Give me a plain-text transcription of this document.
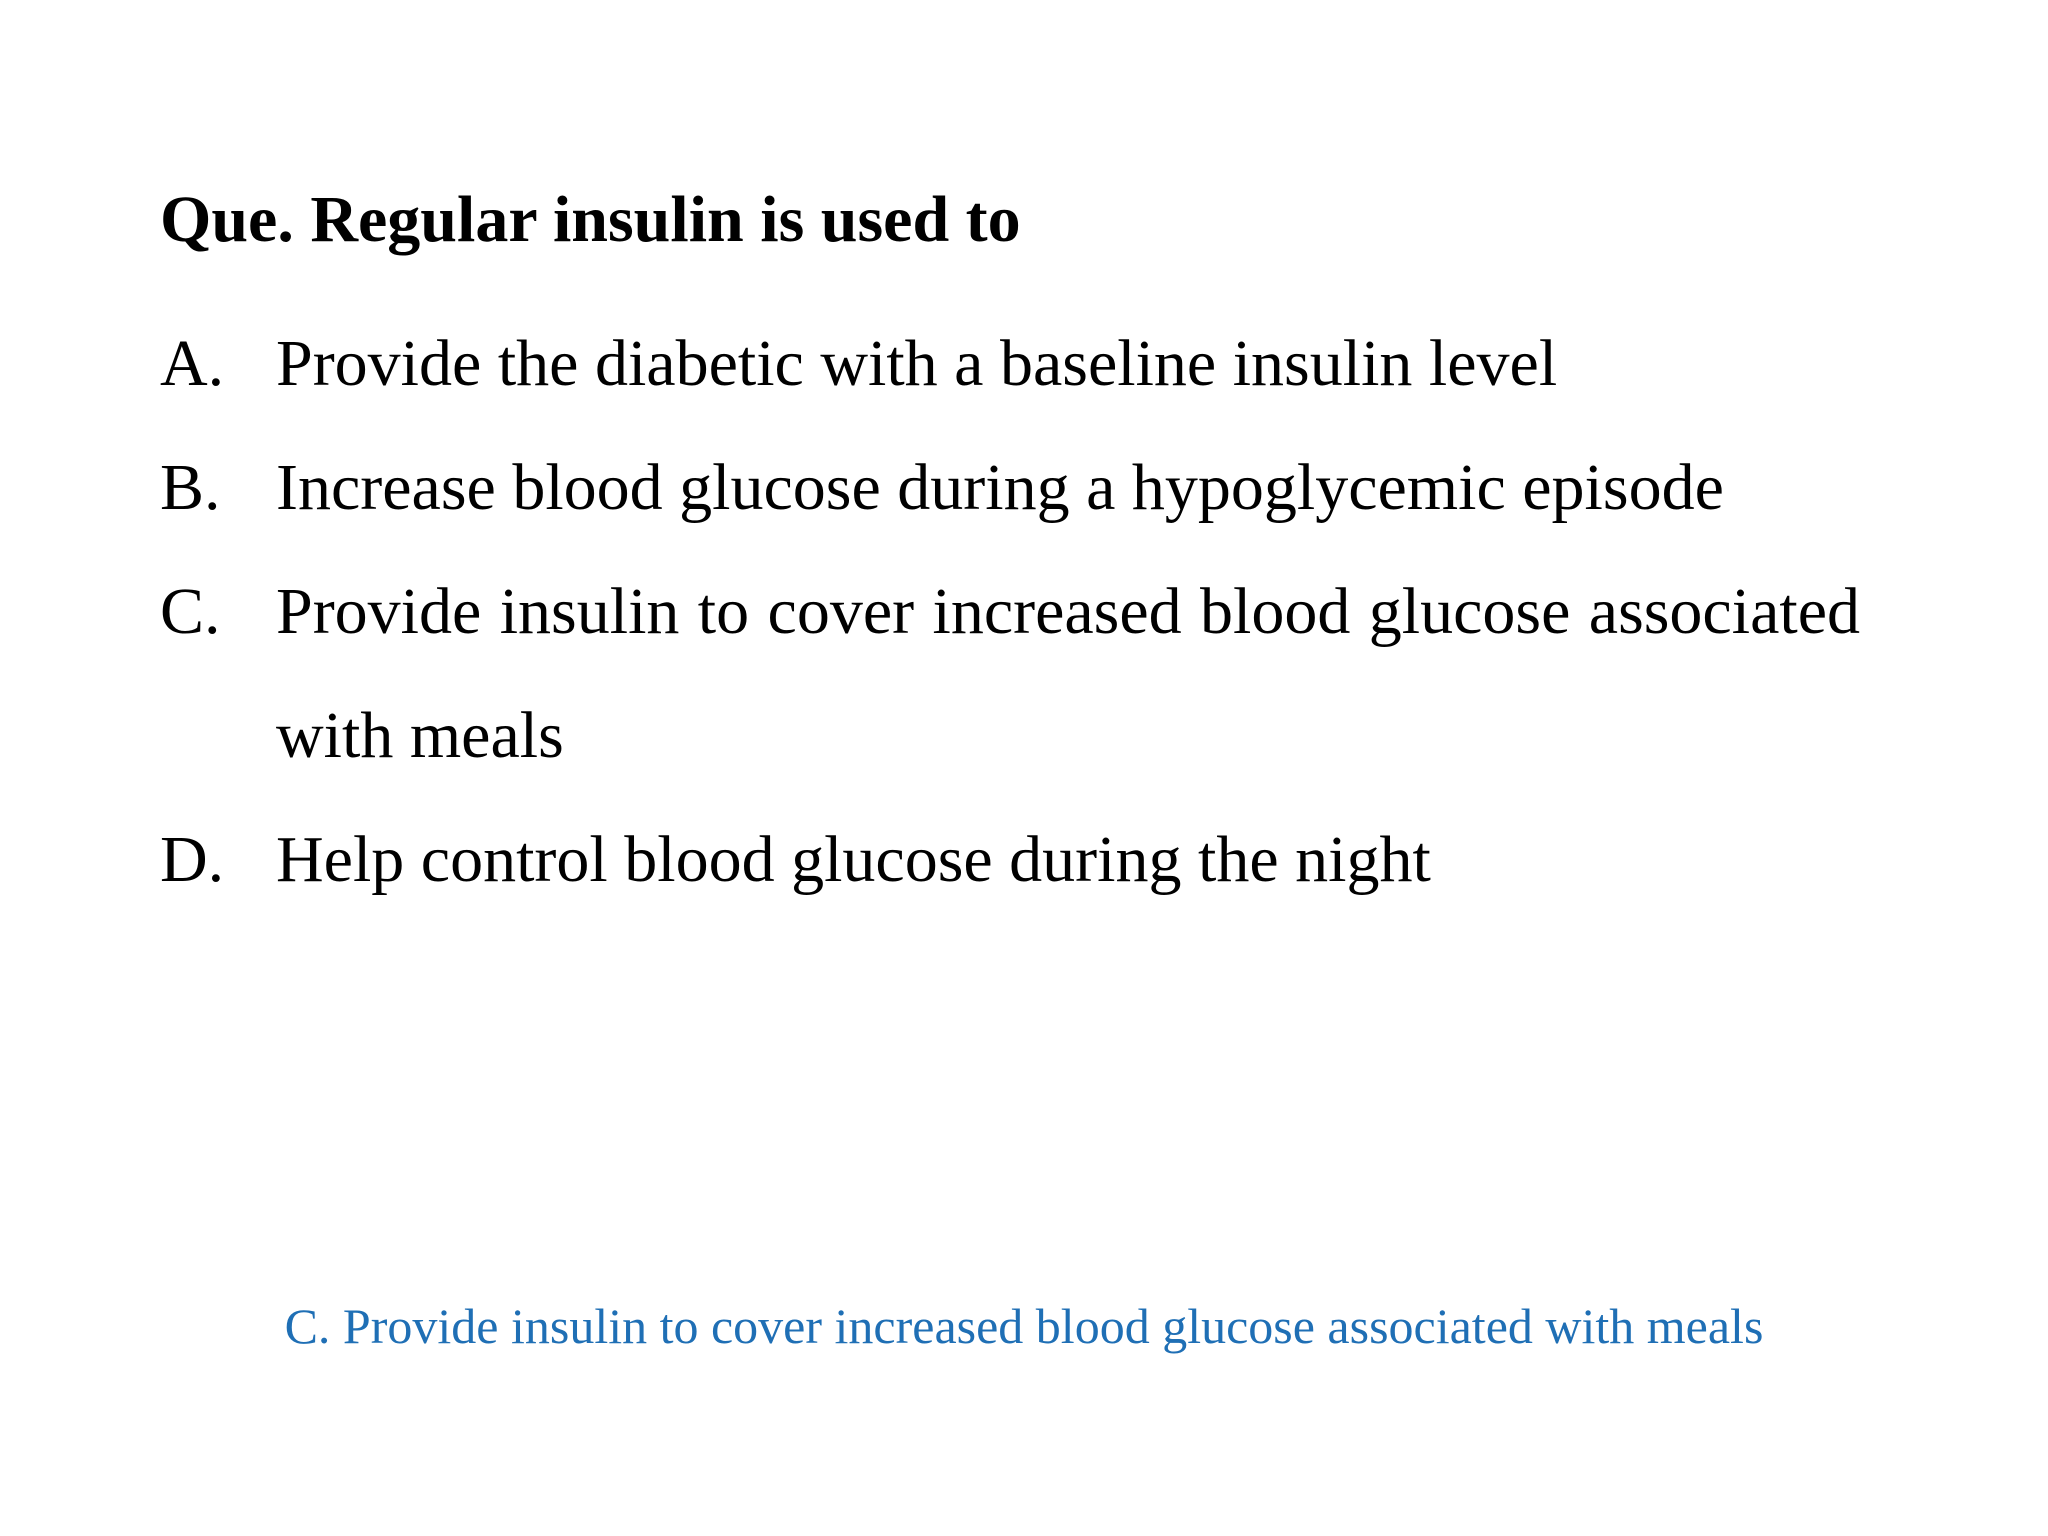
Que. Regular insulin is used to
A. Provide the diabetic with a baseline insulin level
B. Increase blood glucose during a hypoglycemic episode
C. Provide insulin to cover increased blood glucose associated with meals
D. Help control blood glucose during the night

C. Provide insulin to cover increased blood glucose associated with meals
